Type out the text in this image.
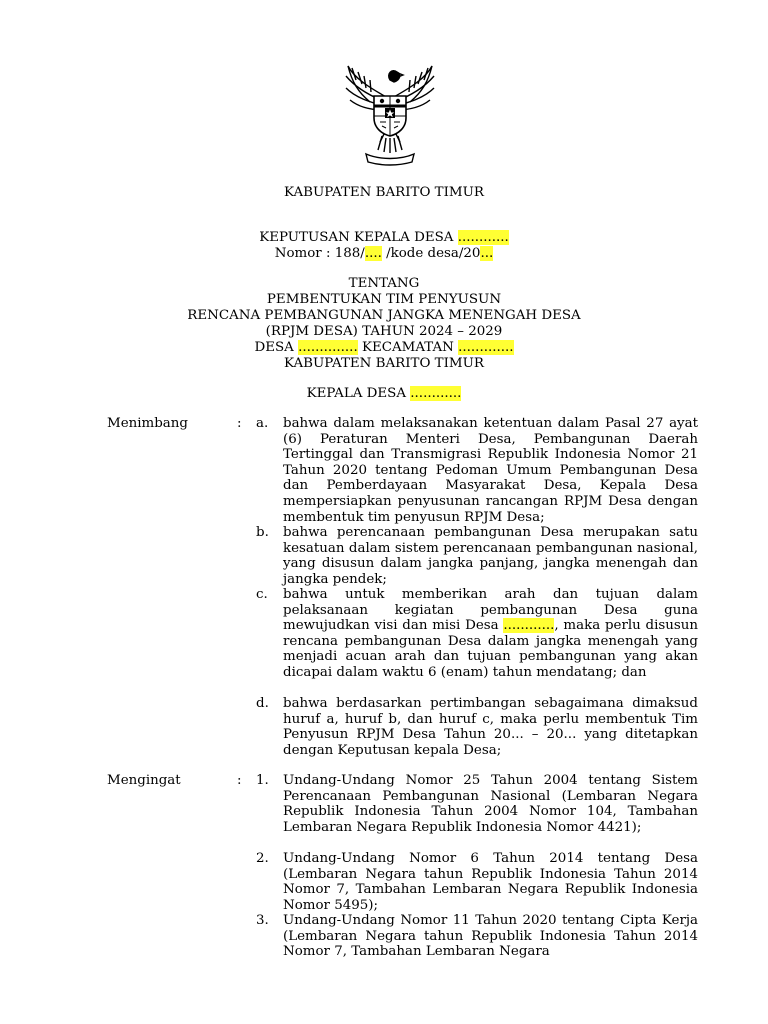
KABUPATEN BARITO TIMUR
KEPUTUSAN KEPALA DESA ............
Nomor : 188/.... /kode desa/20...
TENTANG
PEMBENTUKAN TIM PENYUSUN
RENCANA PEMBANGUNAN JANGKA MENENGAH DESA
(RPJM DESA) TAHUN 2024 – 2029
DESA .............. KECAMATAN .............
KABUPATEN BARITO TIMUR
KEPALA DESA ............
Menimbang	: a. bahwa dalam melaksanakan ketentuan dalam Pasal 27 ayat (6) Peraturan Menteri Desa, Pembangunan Daerah Tertinggal dan Transmigrasi Republik Indonesia Nomor 21 Tahun 2020 tentang Pedoman Umum Pembangunan Desa dan Pemberdayaan Masyarakat Desa, Kepala Desa mempersiapkan penyusunan rancangan RPJM Desa dengan membentuk tim penyusun RPJM Desa;

b. bahwa perencanaan pembangunan Desa merupakan satu kesatuan dalam sistem perencanaan pembangunan nasional, yang disusun dalam jangka panjang, jangka menengah dan jangka pendek;

c. bahwa untuk memberikan arah dan tujuan dalam pelaksanaan kegiatan pembangunan Desa guna mewujudkan visi dan misi Desa ............, maka perlu disusun rencana pembangunan Desa dalam jangka menengah yang menjadi acuan arah dan tujuan pembangunan yang akan dicapai dalam waktu 6 (enam) tahun mendatang; dan

d. bahwa berdasarkan pertimbangan sebagaimana dimaksud huruf a, huruf b, dan huruf c, maka perlu membentuk Tim Penyusun RPJM Desa Tahun 20... – 20... yang ditetapkan dengan Keputusan kepala Desa;

Mengingat	: 1. Undang-Undang Nomor 25 Tahun 2004 tentang Sistem Perencanaan Pembangunan Nasional (Lembaran Negara Republik Indonesia Tahun 2004 Nomor 104, Tambahan Lembaran Negara Republik Indonesia Nomor 4421);

2. Undang-Undang Nomor 6 Tahun 2014 tentang Desa (Lembaran Negara tahun Republik Indonesia Tahun 2014 Nomor 7, Tambahan Lembaran Negara Republik Indonesia Nomor 5495);

3. Undang-Undang Nomor 11 Tahun 2020 tentang Cipta Kerja (Lembaran Negara tahun Republik Indonesia Tahun 2014 Nomor 7, Tambahan Lembaran Negara
